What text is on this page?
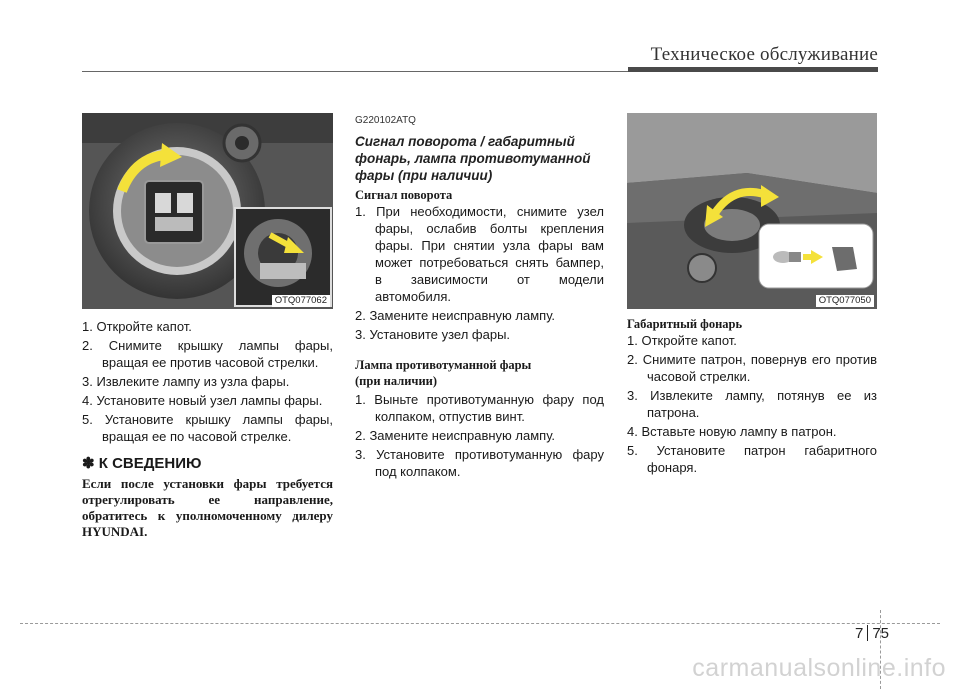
Техническое обслуживание
OTQ077062	OTQ077050
1. Откройте капот.
2. Снимите крышку лампы фары, вращая ее против часовой стрелки.
3. Извлеките лампу из узла фары.
4. Установите новый узел лампы фары.
5. Установите крышку лампы фары, вращая ее по часовой стрелке.
✽ К СВЕДЕНИЮ
Если после установки фары требуется отрегулировать ее направление, обратитесь к уполномоченному дилеру HYUNDAI.
G220102ATQ
Сигнал поворота / габаритный фонарь, лампа противотуманной фары (при наличии)
Сигнал поворота
1. При необходимости, снимите узел фары, ослабив болты крепления фары. При снятии узла фары вам может потребоваться снять бампер, в зависимости от модели автомобиля.
2. Замените неисправную лампу.
3. Установите узел фары.
Лампа противотуманной фары
(при наличии)
1. Выньте противотуманную фару под колпаком, отпустив винт.
2. Замените неисправную лампу.
3. Установите противотуманную фару под колпаком.
Габаритный фонарь
1. Откройте капот.
2. Снимите патрон, повернув его против часовой стрелки.
3. Извлеките лампу, потянув ее из патрона.
4. Вставьте новую лампу в патрон.
5. Установите патрон габаритного фонаря.
7 75
carmanualsonline.info
